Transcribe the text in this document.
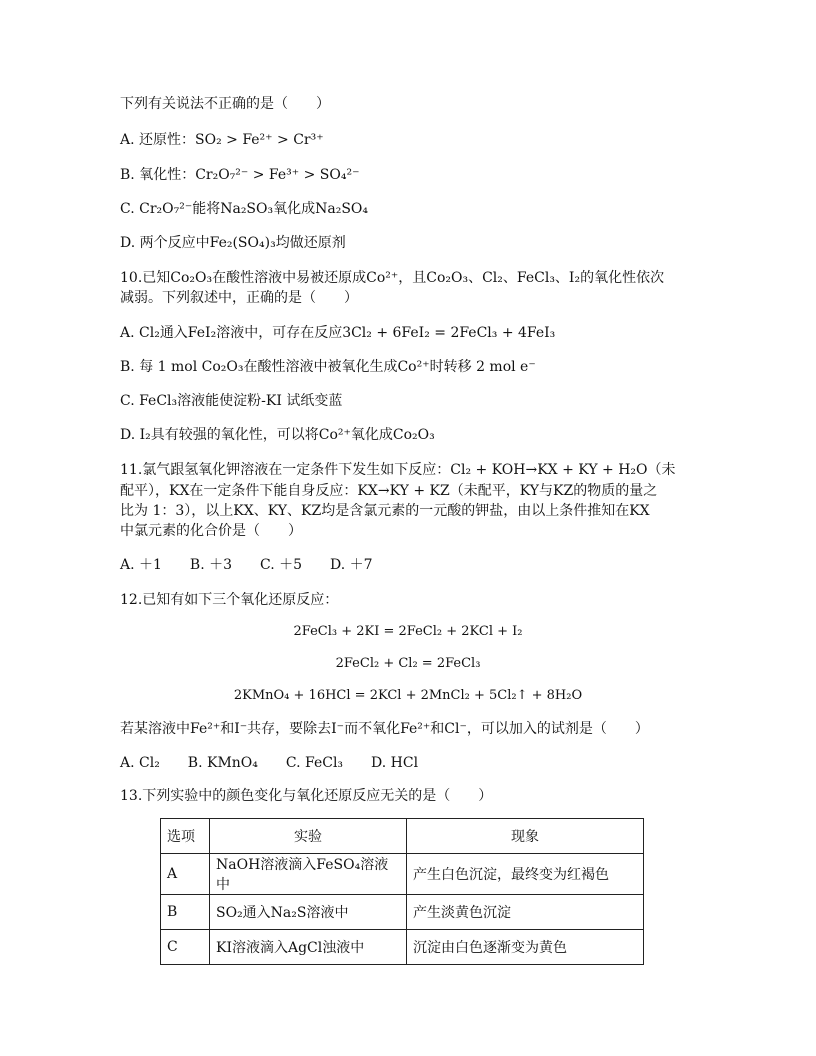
下列有关说法不正确的是（　　）
A. 还原性：SO₂ > Fe²⁺ > Cr³⁺
B. 氧化性：Cr₂O₇²⁻ > Fe³⁺ > SO₄²⁻
C. Cr₂O₇²⁻能将Na₂SO₃氧化成Na₂SO₄
D. 两个反应中Fe₂(SO₄)₃均做还原剂
10.已知Co₂O₃在酸性溶液中易被还原成Co²⁺，且Co₂O₃、Cl₂、FeCl₃、I₂的氧化性依次
减弱。下列叙述中，正确的是（　　）
A. Cl₂通入FeI₂溶液中，可存在反应3Cl₂ + 6FeI₂ = 2FeCl₃ + 4FeI₃
B. 每 1 mol Co₂O₃在酸性溶液中被氧化生成Co²⁺时转移 2 mol e⁻
C. FeCl₃溶液能使淀粉-KI 试纸变蓝
D. I₂具有较强的氧化性，可以将Co²⁺氧化成Co₂O₃
11.氯气跟氢氧化钾溶液在一定条件下发生如下反应：Cl₂ + KOH→KX + KY + H₂O（未
配平），KX在一定条件下能自身反应：KX→KY + KZ（未配平，KY与KZ的物质的量之
比为 1：3），以上KX、KY、KZ均是含氯元素的一元酸的钾盐，由以上条件推知在KX
中氯元素的化合价是（　　）
A. ＋1　　B. ＋3　　C. ＋5　　D. ＋7
12.已知有如下三个氧化还原反应：
2FeCl₃ + 2KI = 2FeCl₂ + 2KCl + I₂
2FeCl₂ + Cl₂ = 2FeCl₃
2KMnO₄ + 16HCl = 2KCl + 2MnCl₂ + 5Cl₂↑ + 8H₂O
若某溶液中Fe²⁺和I⁻共存，要除去I⁻而不氧化Fe²⁺和Cl⁻，可以加入的试剂是（　　）
A. Cl₂　　B. KMnO₄　　C. FeCl₃　　D. HCl
13.下列实验中的颜色变化与氧化还原反应无关的是（　　）
选项	实验	现象
A	NaOH溶液滴入FeSO₄溶液中	产生白色沉淀，最终变为红褐色
B	SO₂通入Na₂S溶液中	产生淡黄色沉淀
C	KI溶液滴入AgCl浊液中	沉淀由白色逐渐变为黄色
